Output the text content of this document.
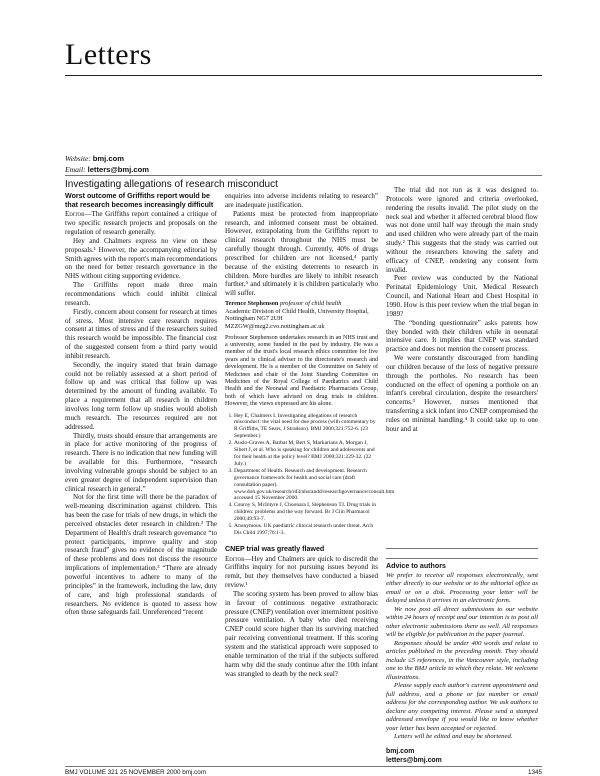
Letters
Website: bmj.com
Email: letters@bmj.com
Investigating allegations of research misconduct
Worst outcome of Griffiths report would be that research becomes increasingly difficult

Editor—The Griffiths report contained a critique of two specific research projects and proposals on the regulation of research generally.

Hey and Chalmers express no view on these proposals.¹ However, the accompanying editorial by Smith agrees with the report's main recommendations on the need for better research governance in the NHS without citing supporting evidence.

The Griffiths report made three main recommendations which could inhibit clinical research.

Firstly, concern about consent for research at times of stress. Most intensive care research requires consent at times of stress and if the researchers suited this research would be impossible. The financial cost of the suggested consent from a third party would inhibit research.

Secondly, the inquiry stated that brain damage could not be reliably assessed at a short period of follow up and was critical that follow up was determined by the amount of funding available. To place a requirement that all research in children involves long term follow up studies would abolish much research. The resources required are not addressed.

Thirdly, trusts should ensure that arrangements are in place for active monitoring of the progress of research. There is no indication that new funding will be available for this. Furthermore, “research involving vulnerable groups should be subject to an even greater degree of independent supervision than clinical research in general.”

Not for the first time will there be the paradox of well-meaning discrimination against children. This has been the case for trials of new drugs, in which the perceived obstacles deter research in children.² The Department of Health's draft research governance “to protect participants, improve quality and stop research fraud” gives no evidence of the magnitude of these problems and does not discuss the resource implications of implementation.³ “There are already powerful incentives to adhere to many of the principles” in the framework, including the law, duty of care, and high professional standards of researchers. No evidence is quoted to assess how often those safeguards fail. Unreferenced “recent

enquiries into adverse incidents relating to research” are inadequate justification.

Patients must be protected from inappropriate research, and informed consent must be obtained. However, extrapolating from the Griffiths report to clinical research throughout the NHS must be carefully thought through. Currently, 40% of drugs prescribed for children are not licensed,⁴ partly because of the existing deterrents to research in children. More hurdles are likely to inhibit research further,⁵ and ultimately it is children particularly who will suffer.

Terence Stephenson professor of child health
Academic Division of Child Health, University Hospital, Nottingham NG7 2UH
MZZGW@mzg2.cvo.nottingham.ac.uk

Professor Stephenson undertakes research in an NHS trust and a university, some funded in the past by industry. He was a member of the trust's local research ethics committee for five years and is clinical adviser to the directorate's research and development. He is a member of the Committee on Safety of Medicines and chair of the Joint Standing Committee on Medicines of the Royal College of Paediatrics and Child Health and the Neonatal and Paediatric Pharmacists Group, both of which have advised on drug trials in children. However, the views expressed are his alone.

1. Hey E, Chalmers I. Investigating allegations of research misconduct: the vital need for due process (with commentary by R Griffiths, TE Sears, J Stradson). BMJ 2000;321:752-6. (23 September.)
2. Auslo-Graves A, Barbat M, Bert S, Markarians A, Morgan J, Sibert J, et al. Who is speaking for children and adolescents and for their health at the policy level? BMJ 2000;321:229-32. (22 July.)
3. Department of Health. Research and development. Research governance framework for health and social care (draft consultation paper). www.doh.gov.uk/research/rd3/nhsrandd/researchgovernance/consult.htm accessed 15 November 2000.
4. Conroy S, McIntyre J, Choonara I, Stephenson TJ. Drug trials in children: problems and the way forward. Br J Clin Pharmacol 2000;49:93-7.
5. Anonymous. UK paediatric clinical research under threat. Arch Dis Child 1997;76:1-3.
CNEP trial was greatly flawed

Editor—Hey and Chalmers are quick to discredit the Griffiths inquiry for not pursuing issues beyond its remit, but they themselves have conducted a biased review.¹

The scoring system has been proved to allow bias in favour of continuous negative extrathoracic pressure (CNEP) ventilation over intermittent positive pressure ventilation. A baby who died receiving CNEP could score higher than its surviving matched pair receiving conventional treatment. If this scoring system and the statistical approach were supposed to enable termination of the trial if the subjects suffered harm why did the study continue after the 10th infant was strangled to death by the neck seal?

The trial did not run as it was designed to. Protocols were ignored and criteria overlooked, rendering the results invalid. The pilot study on the neck seal and whether it affected cerebral blood flow was not done until half way through the main study and used children who were already part of the main study.² This suggests that the study was carried out without the researchers knowing the safety and efficacy of CNEP, rendering any consent form invalid.

Peer review was conducted by the National Perinatal Epidemiology Unit, Medical Research Council, and National Heart and Chest Hospital in 1990. How is this peer review when the trial began in 1989?

The “bonding questionnaire” asks parents how they bonded with their children while in neonatal intensive care. It implies that CNEP was standard practice and does not mention the consent process.

We were constantly discouraged from handling our children because of the loss of negative pressure through the portholes. No research has been conducted on the effect of opening a porthole on an infant's cerebral circulation, despite the researchers' concerns.³ However, nurses mentioned that transferring a sick infant into CNEP compromised the rules on minimal handling.⁴ It could take up to one hour and at

Advice to authors

We prefer to receive all responses electronically, sent either directly to our website or to the editorial office as email or on a disk. Processing your letter will be delayed unless it arrives in an electronic form.

We now post all direct submissions to our website within 24 hours of receipt and our intention is to post all other electronic submissions there as well. All responses will be eligible for publication in the paper journal.

Responses should be under 400 words and relate to articles published in the preceding month. They should include ≤5 references, in the Vancouver style, including one to the BMJ article to which they relate. We welcome illustrations.

Please supply each author's current appointment and full address, and a phone or fax number or email address for the corresponding author. We ask authors to declare any competing interest. Please send a stamped addressed envelope if you would like to know whether your letter has been accepted or rejected.

Letters will be edited and may be shortened.

bmj.com
letters@bmj.com
BMJ VOLUME 321 25 NOVEMBER 2000 bmj.com	1345
